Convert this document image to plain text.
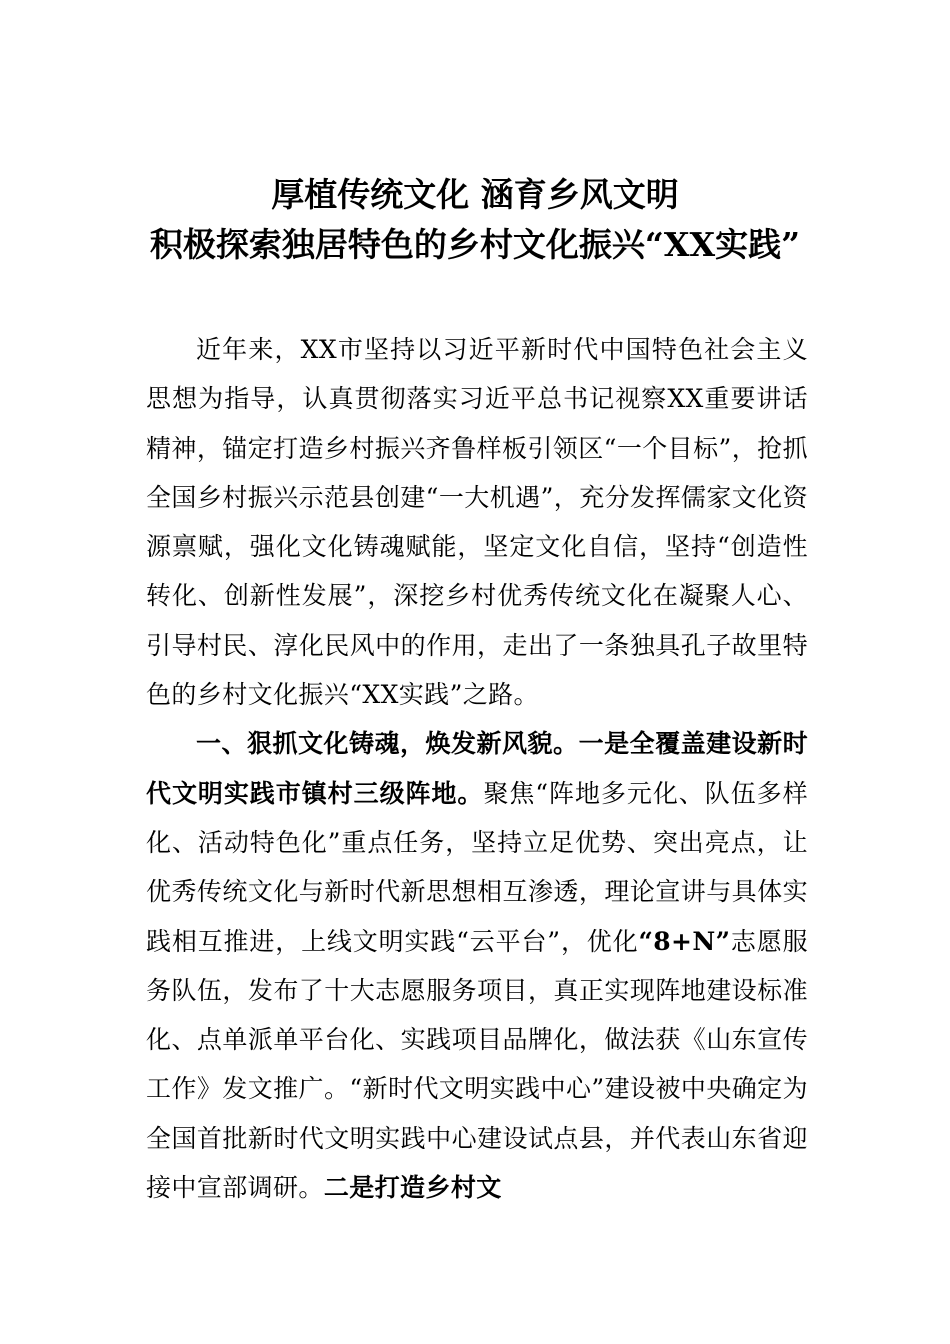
厚植传统文化 涵育乡风文明
积极探索独居特色的乡村文化振兴“XX实践”

近年来，XX市坚持以习近平新时代中国特色社会主义思想为指导，认真贯彻落实习近平总书记视察XX重要讲话精神，锚定打造乡村振兴齐鲁样板引领区“一个目标”，抢抓全国乡村振兴示范县创建“一大机遇”，充分发挥儒家文化资源禀赋，强化文化铸魂赋能，坚定文化自信，坚持“创造性转化、创新性发展”，深挖乡村优秀传统文化在凝聚人心、引导村民、淳化民风中的作用，走出了一条独具孔子故里特色的乡村文化振兴“XX实践”之路。

一、狠抓文化铸魂，焕发新风貌。一是全覆盖建设新时代文明实践市镇村三级阵地。聚焦“阵地多元化、队伍多样化、活动特色化”重点任务，坚持立足优势、突出亮点，让优秀传统文化与新时代新思想相互渗透，理论宣讲与具体实践相互推进，上线文明实践“云平台”，优化“8+N”志愿服务队伍，发布了十大志愿服务项目，真正实现阵地建设标准化、点单派单平台化、实践项目品牌化，做法获《山东宣传工作》发文推广。“新时代文明实践中心”建设被中央确定为全国首批新时代文明实践中心建设试点县，并代表山东省迎接中宣部调研。二是打造乡村文
